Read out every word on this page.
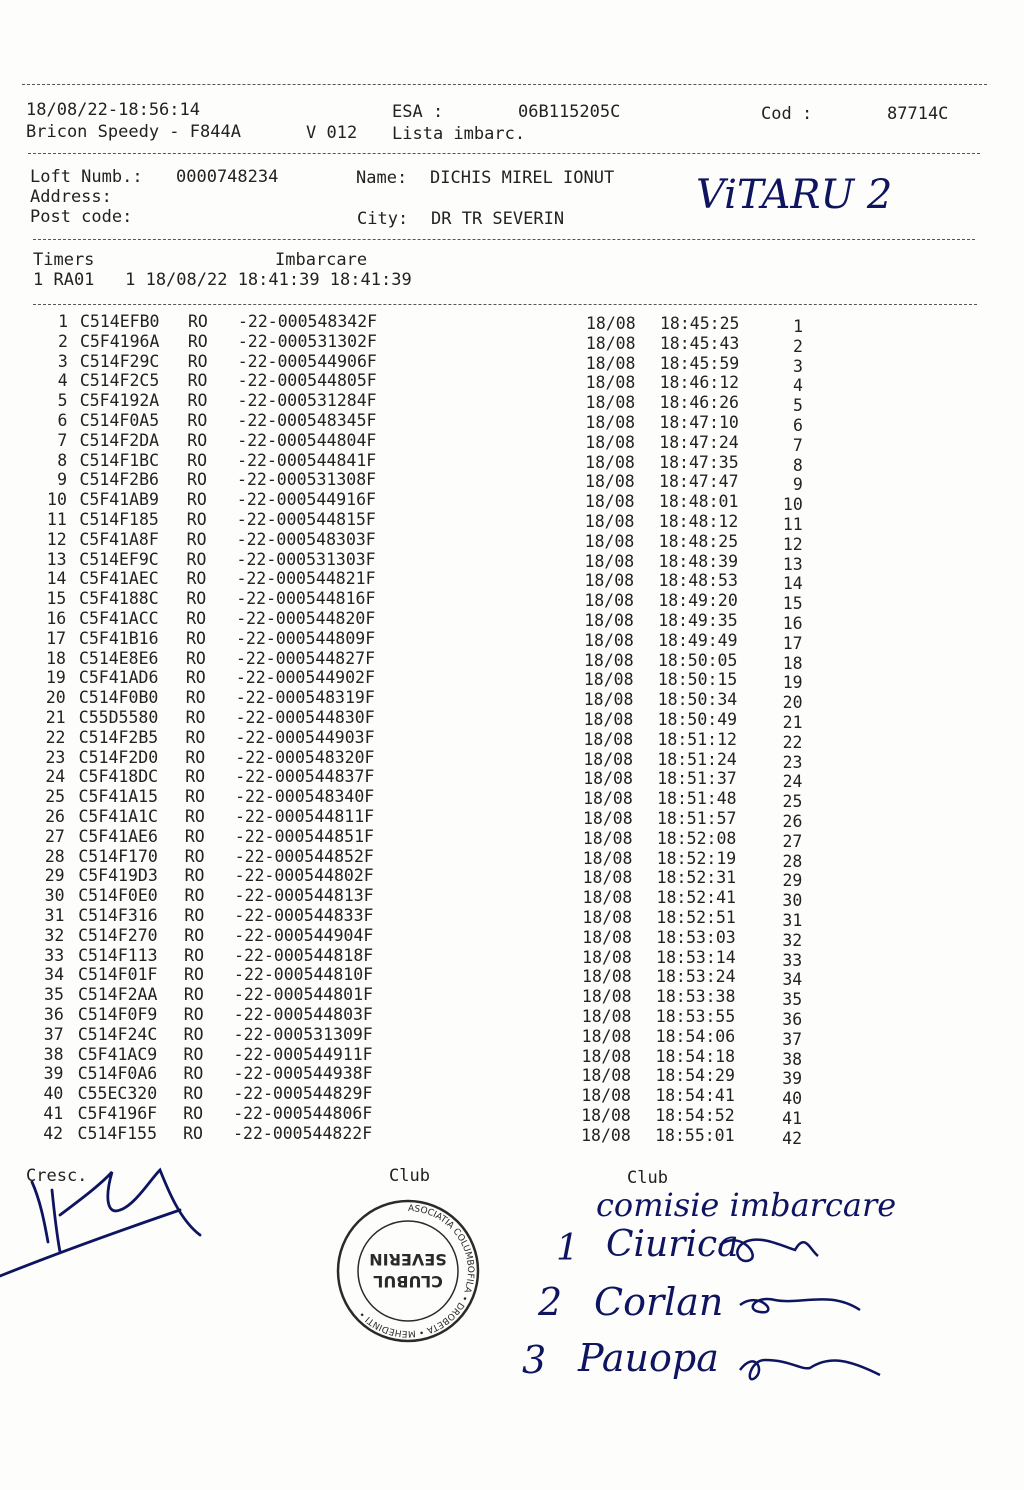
18/08/22-18:56:14	ESA :	06B115205C	Cod :	87714C
Bricon Speedy - F844A	V 012 Lista imbarc.
Loft Numb.: 0000748234	Name: DICHIS MIREL IONUT
Address:
Post code:	City: DR TR SEVERIN
ViTARU 2
Timers	Imbarcare
1 RA01   1 18/08/22 18:41:39 18:41:39
1 C514EFB0 RO -22-000548342F	18/08 18:45:25	1
2 C5F4196A RO -22-000531302F	18/08 18:45:43	2
3 C514F29C RO -22-000544906F	18/08 18:45:59	3
4 C514F2C5 RO -22-000544805F	18/08 18:46:12	4
5 C5F4192A RO -22-000531284F	18/08 18:46:26	5
6 C514F0A5 RO -22-000548345F	18/08 18:47:10	6
7 C514F2DA RO -22-000544804F	18/08 18:47:24	7
8 C514F1BC RO -22-000544841F	18/08 18:47:35	8
9 C514F2B6 RO -22-000531308F	18/08 18:47:47	9
10 C5F41AB9 RO -22-000544916F	18/08 18:48:01	10
11 C514F185 RO -22-000544815F	18/08 18:48:12	11
12 C5F41A8F RO -22-000548303F	18/08 18:48:25	12
13 C514EF9C RO -22-000531303F	18/08 18:48:39	13
14 C5F41AEC RO -22-000544821F	18/08 18:48:53	14
15 C5F4188C RO -22-000544816F	18/08 18:49:20	15
16 C5F41ACC RO -22-000544820F	18/08 18:49:35	16
17 C5F41B16 RO -22-000544809F	18/08 18:49:49	17
18 C514E8E6 RO -22-000544827F	18/08 18:50:05	18
19 C5F41AD6 RO -22-000544902F	18/08 18:50:15	19
20 C514F0B0 RO -22-000548319F	18/08 18:50:34	20
21 C55D5580 RO -22-000544830F	18/08 18:50:49	21
22 C514F2B5 RO -22-000544903F	18/08 18:51:12	22
23 C514F2D0 RO -22-000548320F	18/08 18:51:24	23
24 C5F418DC RO -22-000544837F	18/08 18:51:37	24
25 C5F41A15 RO -22-000548340F	18/08 18:51:48	25
26 C5F41A1C RO -22-000544811F	18/08 18:51:57	26
27 C5F41AE6 RO -22-000544851F	18/08 18:52:08	27
28 C514F170 RO -22-000544852F	18/08 18:52:19	28
29 C5F419D3 RO -22-000544802F	18/08 18:52:31	29
30 C514F0E0 RO -22-000544813F	18/08 18:52:41	30
31 C514F316 RO -22-000544833F	18/08 18:52:51	31
32 C514F270 RO -22-000544904F	18/08 18:53:03	32
33 C514F113 RO -22-000544818F	18/08 18:53:14	33
34 C514F01F RO -22-000544810F	18/08 18:53:24	34
35 C514F2AA RO -22-000544801F	18/08 18:53:38	35
36 C514F0F9 RO -22-000544803F	18/08 18:53:55	36
37 C514F24C RO -22-000531309F	18/08 18:54:06	37
38 C5F41AC9 RO -22-000544911F	18/08 18:54:18	38
39 C514F0A6 RO -22-000544938F	18/08 18:54:29	39
40 C55EC320 RO -22-000544829F	18/08 18:54:41	40
41 C5F4196F RO -22-000544806F	18/08 18:54:52	41
42 C514F155 RO -22-000544822F	18/08 18:55:01	42
Cresc.	Club	Club
CLUBUL
SEVERIN
ASOCIATIA COLUMBOFILA • DROBETA • MEHEDINTI •
comisie imbarcare
1 Ciurica
2 Corlan
3 Pauopa
